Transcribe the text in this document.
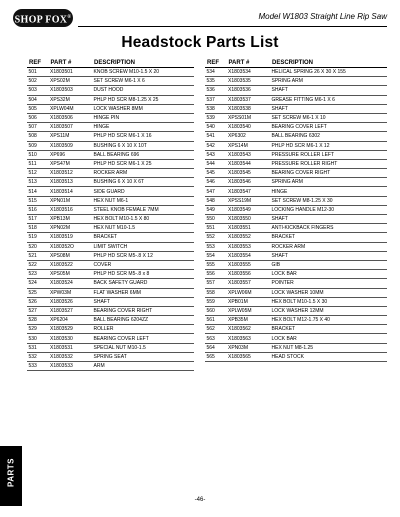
SHOP FOX®	Model W1803 Straight Line Rip Saw
Headstock Parts List
REF	PART #	DESCRIPTION
501	X1803501	KNOB SCREW M10-1.5 X 20
502	XPS02M	SET SCREW M6-1 X 6
503	X1803503	DUST HOOD
504	XPS32M	PHLP HD SCR M8-1.25 X 25
505	XPLW04M	LOCK WASHER 8MM
506	X1803506	HINGE PIN
507	X1803507	HINGE
508	XPS11M	PHLP HD SCR M6-1 X 16
509	X1803509	BUSHING 6 X 10 X 10T
510	XP696	BALL BEARING 696
511	XPS47M	PHLP HD SCR M6-1 X 25
512	X1803512	ROCKER ARM
513	X1803513	BUSHING 6 X 10 X 6T
514	X1803514	SIDE GUARD
515	XPN01M	HEX NUT M6-1
516	X1803516	STEEL KNOB FEMALE 7MM
517	XPB13M	HEX BOLT M10-1.5 X 80
518	XPN02M	HEX NUT M10-1.5
519	X1803519	BRACKET
520	X180352O	LIMIT SWITCH
521	XPS08M	PHLP HD SCR M5-.8 X 12
522	X1803522	COVER
523	XPS05M	PHLP HD SCR M5-.8 x 8
524	X1803524	BACK SAFETY GUARD
525	XPW03M	FLAT WASHER 6MM
526	X1803526	SHAFT
527	X1803527	BEARING COVER RIGHT
528	XP6204	BALL BEARING 6204ZZ
529	X1803529	ROLLER
530	X1803530	BEARING COVER LEFT
531	X1803531	SPECIAL NUT M10-1.5
532	X1803532	SPRING SEAT
533	X1803533	ARM
REF	PART #	DESCRIPTION
534	X1803534	HELICAL SPRING 26 X 30 X 155
535	X1803535	SPRING ARM
536	X1803536	SHAFT
537	X1803537	GREASE FITTING M6-1 X 6
538	X1803538	SHAFT
539	XPSS01M	SET SCREW M6-1 X 10
540	X1803540	BEARING COVER LEFT
541	XP6302	BALL BEARING 6302
542	XPS14M	PHLP HD SCR M6-1 X 12
543	X1803543	PRESSURE ROLLER LEFT
544	X1803544	PRESSURE ROLLER RIGHT
545	X1803545	BEARING COVER RIGHT
546	X1803546	SPRING ARM
547	X1803547	HINGE
548	XPSS19M	SET SCREW M8-1.25 X 30
549	X1803549	LOCKING HANDLE M12-30
550	X1803550	SHAFT
551	X1803551	ANTI-KICKBACK FINGERS
552	X1803552	BRACKET
553	X1803553	ROCKER ARM
554	X1803554	SHAFT
555	X1803555	GIB
556	X1803556	LOCK BAR
557	X1803557	POINTER
558	XPLW06M	LOCK WASHER 10MM
559	XPB01M	HEX BOLT M10-1.5 X 30
560	XPLW05M	LOCK WASHER 12MM
561	XPB35M	HEX BOLT M12-1.75 X 40
562	X1803562	BRACKET
563	X1803563	LOCK BAR
564	XPN03M	HEX NUT M8-1.25
565	X1803565	HEAD STOCK
PARTS
-46-
